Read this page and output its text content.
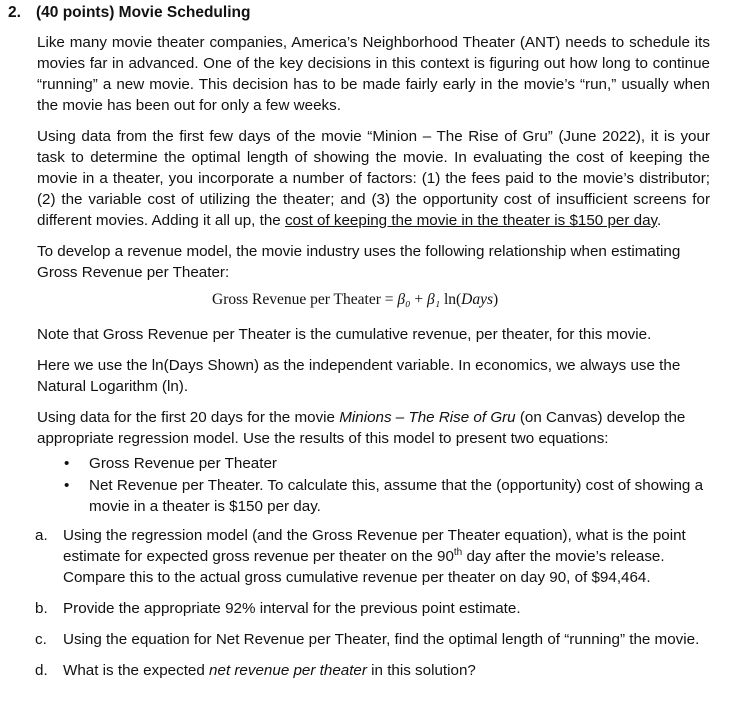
2. (40 points) Movie Scheduling

Like many movie theater companies, America’s Neighborhood Theater (ANT) needs to schedule its movies far in advanced. One of the key decisions in this context is figuring out how long to continue “running” a new movie. This decision has to be made fairly early in the movie’s “run,” usually when the movie has been out for only a few weeks.

Using data from the first few days of the movie “Minion – The Rise of Gru” (June 2022), it is your task to determine the optimal length of showing the movie. In evaluating the cost of keeping the movie in a theater, you incorporate a number of factors: (1) the fees paid to the movie’s distributor; (2) the variable cost of utilizing the theater; and (3) the opportunity cost of insufficient screens for different movies. Adding it all up, the cost of keeping the movie in the theater is $150 per day.

To develop a revenue model, the movie industry uses the following relationship when estimating Gross Revenue per Theater:

Gross Revenue per Theater = β₀ + β₁ ln(Days)

Note that Gross Revenue per Theater is the cumulative revenue, per theater, for this movie.

Here we use the ln(Days Shown) as the independent variable. In economics, we always use the Natural Logarithm (ln).

Using data for the first 20 days for the movie Minions – The Rise of Gru (on Canvas) develop the appropriate regression model. Use the results of this model to present two equations:

• Gross Revenue per Theater
• Net Revenue per Theater. To calculate this, assume that the (opportunity) cost of showing a movie in a theater is $150 per day.
a. Using the regression model (and the Gross Revenue per Theater equation), what is the point estimate for expected gross revenue per theater on the 90th day after the movie’s release. Compare this to the actual gross cumulative revenue per theater on day 90, of $94,464.
b. Provide the appropriate 92% interval for the previous point estimate.
c. Using the equation for Net Revenue per Theater, find the optimal length of “running” the movie.
d. What is the expected net revenue per theater in this solution?
